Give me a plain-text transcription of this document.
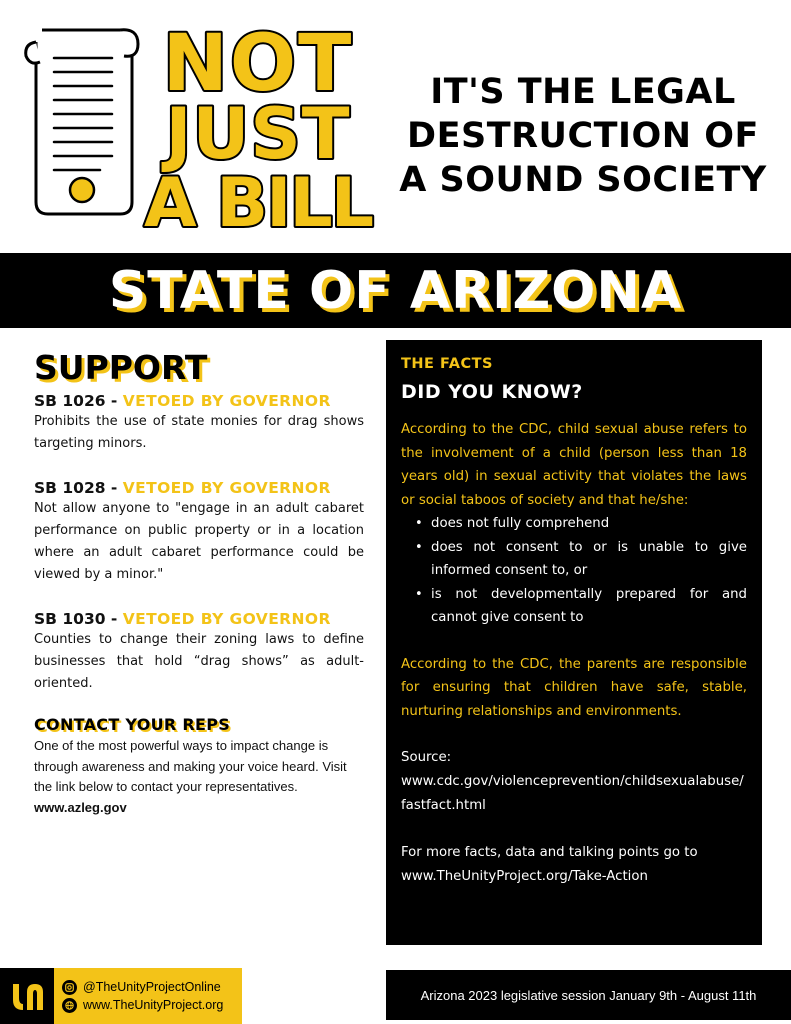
NOT
JUST
A BILL
IT'S THE LEGAL
DESTRUCTION OF
A SOUND SOCIETY
STATE OF ARIZONA
SUPPORT
SB 1026 - VETOED BY GOVERNOR
Prohibits the use of state monies for drag shows targeting minors.
SB 1028 - VETOED BY GOVERNOR
Not allow anyone to "engage in an adult cabaret performance on public property or in a location where an adult cabaret performance could be viewed by a minor."
SB 1030 - VETOED BY GOVERNOR
Counties to change their zoning laws to define businesses that hold “drag shows” as adult-oriented.
CONTACT YOUR REPS
One of the most powerful ways to impact change is through awareness and making your voice heard. Visit the link below to contact your representatives.
www.azleg.gov
THE FACTS
DID YOU KNOW?
According to the CDC, child sexual abuse refers to the involvement of a child (person less than 18 years old) in sexual activity that violates the laws or social taboos of society and that he/she:
• does not fully comprehend
• does not consent to or is unable to give informed consent to, or
• is not developmentally prepared for and cannot give consent to
According to the CDC, the parents are responsible for ensuring that children have safe, stable, nurturing relationships and environments.
Source:
www.cdc.gov/violenceprevention/childsexualabuse/fastfact.html
For more facts, data and talking points go to
www.TheUnityProject.org/Take-Action
@TheUnityProjectOnline
www.TheUnityProject.org
Arizona 2023 legislative session January 9th - August 11th
